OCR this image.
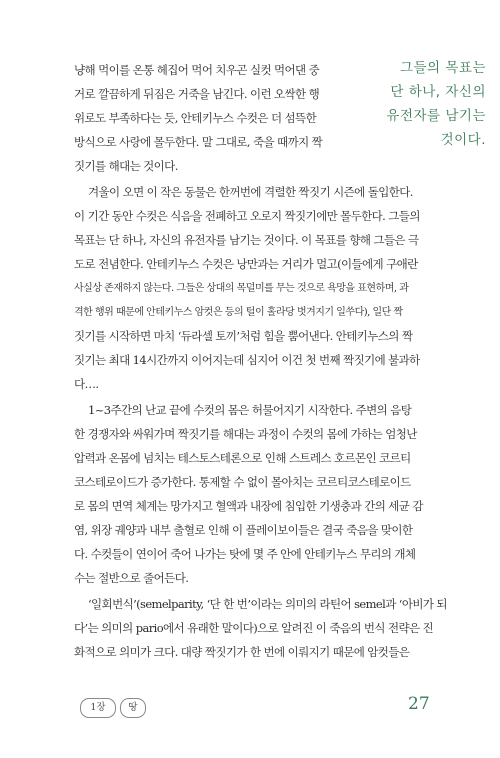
냥해 먹이를 온통 헤집어 먹어 치우곤 실컷 먹어댄 중
거로 깔끔하게 뒤짐은 거죽을 남긴다. 이런 오싹한 행
위로도 부족하다는 듯, 안테키누스 수컷은 더 섬뜩한
방식으로 사랑에 몰두한다. 말 그대로, 죽을 때까지 짝
짓기를 해대는 것이다.
그들의 목표는
단 하나, 자신의
유전자를 남기는
것이다.
겨울이 오면 이 작은 동물은 한꺼번에 격렬한 짝짓기 시즌에 돌입한다.
이 기간 동안 수컷은 식음을 전폐하고 오로지 짝짓기에만 몰두한다. 그들의
목표는 단 하나, 자신의 유전자를 남기는 것이다. 이 목표를 향해 그들은 극
도로 전념한다. 안테키누스 수컷은 낭만과는 거리가 멀고(이들에게 구애란
사실상 존재하지 않는다. 그들은 상대의 목덜미를 무는 것으로 욕망을 표현하며, 과
격한 행위 때문에 안테키누스 암컷은 등의 털이 홀라당 벗겨지기 일쑤다), 일단 짝
짓기를 시작하면 마치 ‘듀라셀 토끼’처럼 힘을 뿜어낸다. 안테키누스의 짝
짓기는 최대 14시간까지 이어지는데 심지어 이건 첫 번째 짝짓기에 불과하
다….
1~3주간의 난교 끝에 수컷의 몸은 허물어지기 시작한다. 주변의 음탕
한 경쟁자와 싸워가며 짝짓기를 해대는 과정이 수컷의 몸에 가하는 엄청난
압력과 온몸에 넘치는 테스토스테론으로 인해 스트레스 호르몬인 코르티
코스테로이드가 증가한다. 통제할 수 없이 몰아치는 코르티코스테로이드
로 몸의 면역 체계는 망가지고 혈액과 내장에 침입한 기생충과 간의 세균 감
염, 위장 궤양과 내부 출혈로 인해 이 플레이보이들은 결국 죽음을 맞이한
다. 수컷들이 연이어 죽어 나가는 탓에 몇 주 안에 안테키누스 무리의 개체
수는 절반으로 줄어든다.
‘일회번식’(semelparity, ‘단 한 번’이라는 의미의 라틴어 semel과 ‘아비가 되
다’는 의미의 pario에서 유래한 말이다)으로 알려진 이 죽음의 번식 전략은 진
화적으로 의미가 크다. 대량 짝짓기가 한 번에 이뤄지기 때문에 암컷들은
1장	땅	27
